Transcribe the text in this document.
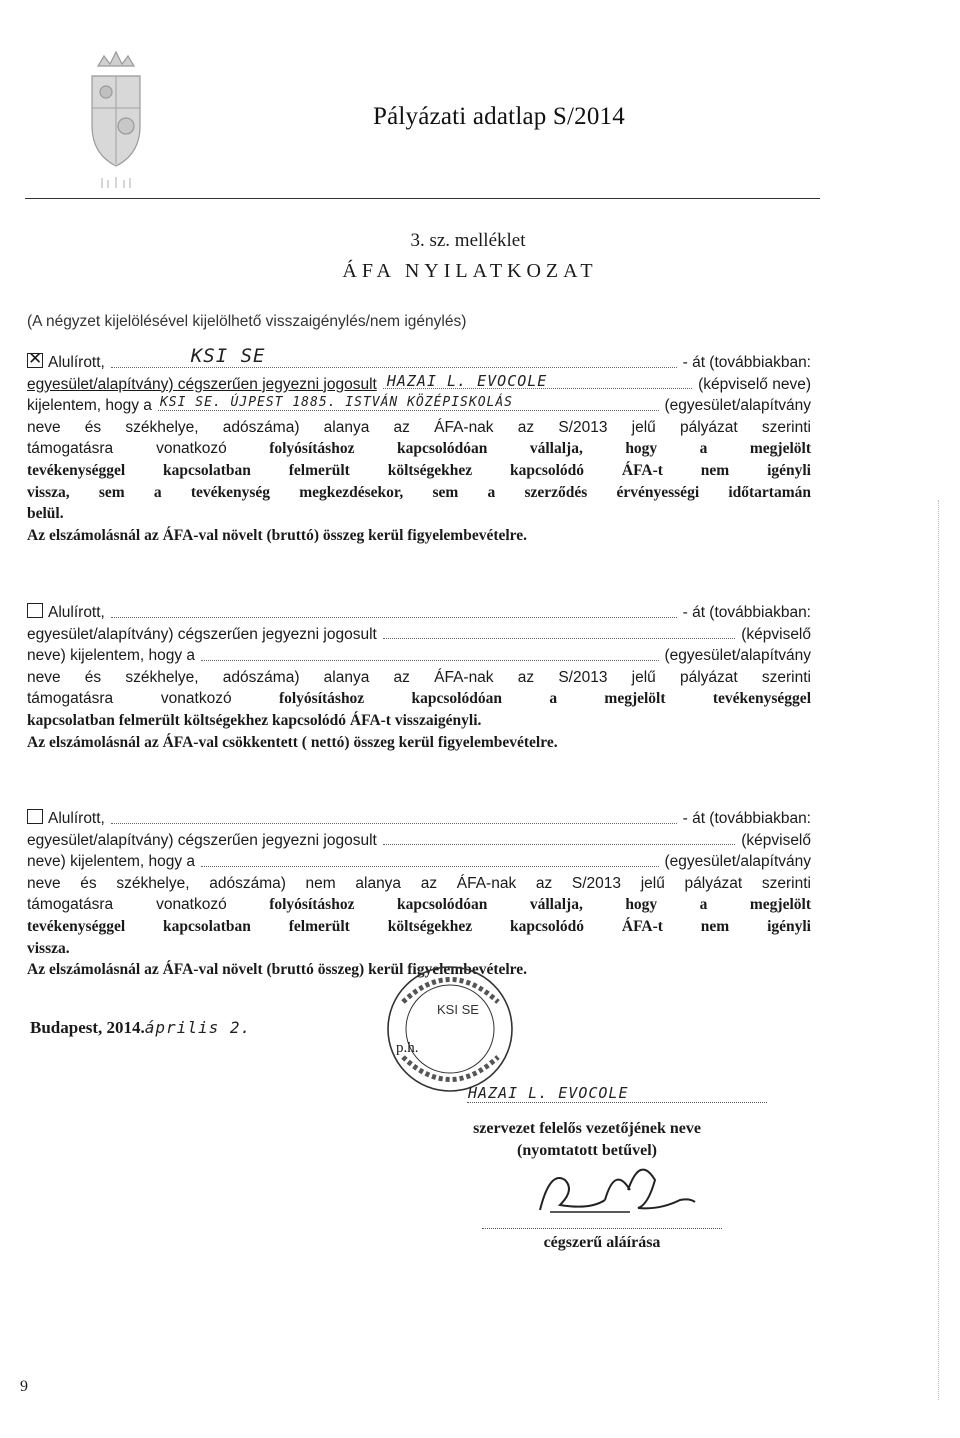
Pályázati adatlap S/2014
3. sz. melléklet
ÁFA NYILATKOZAT
(A négyzet kijelölésével kijelölhető visszaigénylés/nem igénylés)
✕Alulírott,	KSI SE	- át (továbbiakban:
egyesület/alapítvány) cégszerűen jegyezni jogosult HAZAI L. EVOCOLE	(képviselő neve)
kijelentem, hogy a KSI SE. ÚJPEST 1885. ISTVÁN KÖZÉPISKOLÁS	(egyesület/alapítvány
neve és székhelye, adószáma) alanya az ÁFA-nak az S/2013 jelű pályázat szerinti
támogatásra vonatkozó	folyósításhoz kapcsolódóan vállalja, hogy a megjelölt
tevékenységgel kapcsolatban felmerült költségekhez kapcsolódó ÁFA-t nem igényli
vissza, sem a tevékenység megkezdésekor, sem a szerződés érvényességi időtartamán
belül.
Az elszámolásnál az ÁFA-val növelt (bruttó) összeg kerül figyelembevételre.
Alulírott,	- át (továbbiakban:
egyesület/alapítvány) cégszerűen jegyezni jogosult	(képviselő
neve) kijelentem, hogy a	(egyesület/alapítvány
neve és székhelye, adószáma) alanya az ÁFA-nak az S/2013 jelű pályázat szerinti
támogatásra vonatkozó	folyósításhoz kapcsolódóan a megjelölt tevékenységgel
kapcsolatban felmerült költségekhez kapcsolódó ÁFA-t visszaigényli.
Az elszámolásnál az ÁFA-val csökkentett ( nettó) összeg kerül figyelembevételre.
Alulírott,	- át (továbbiakban:
egyesület/alapítvány) cégszerűen jegyezni jogosult	(képviselő
neve) kijelentem, hogy a	(egyesület/alapítvány
neve és székhelye, adószáma) nem alanya az ÁFA-nak az S/2013 jelű pályázat szerinti
támogatásra vonatkozó	folyósításhoz kapcsolódóan vállalja, hogy a megjelölt
tevékenységgel kapcsolatban felmerült költségekhez kapcsolódó ÁFA-t nem igényli
vissza.
Az elszámolásnál az ÁFA-val növelt (bruttó összeg) kerül figyelembevételre.
Budapest, 2014.április 2.
KSI SE
p.h.
HAZAI L. EVOCOLE
szervezet felelős vezetőjének neve
(nyomtatott betűvel)
cégszerű aláírása
9
